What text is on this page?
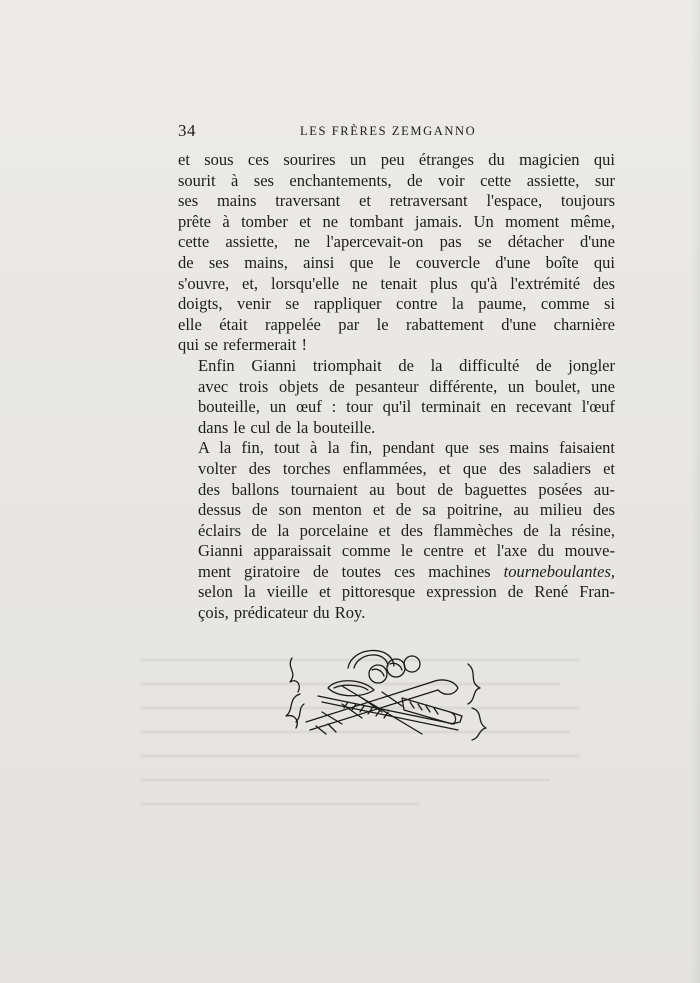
34	LES FRÈRES ZEMGANNO

et sous ces sourires un peu étranges du magicien qui
sourit à ses enchantements, de voir cette assiette, sur
ses mains traversant et retraversant l'espace, toujours
prête à tomber et ne tombant jamais. Un moment même,
cette assiette, ne l'apercevait-on pas se détacher d'une
de ses mains, ainsi que le couvercle d'une boîte qui
s'ouvre, et, lorsqu'elle ne tenait plus qu'à l'extrémité des
doigts, venir se rappliquer contre la paume, comme si
elle était rappelée par le rabattement d'une charnière
qui se refermerait !

Enfin Gianni triomphait de la difficulté de jongler
avec trois objets de pesanteur différente, un boulet, une
bouteille, un œuf : tour qu'il terminait en recevant l'œuf
dans le cul de la bouteille.

A la fin, tout à la fin, pendant que ses mains faisaient
volter des torches enflammées, et que des saladiers et
des ballons tournaient au bout de baguettes posées au-
dessus de son menton et de sa poitrine, au milieu des
éclairs de la porcelaine et des flammèches de la résine,
Gianni apparaissait comme le centre et l'axe du mouve-
ment giratoire de toutes ces machines tourneboulantes,
selon la vieille et pittoresque expression de René Fran-
çois, prédicateur du Roy.
